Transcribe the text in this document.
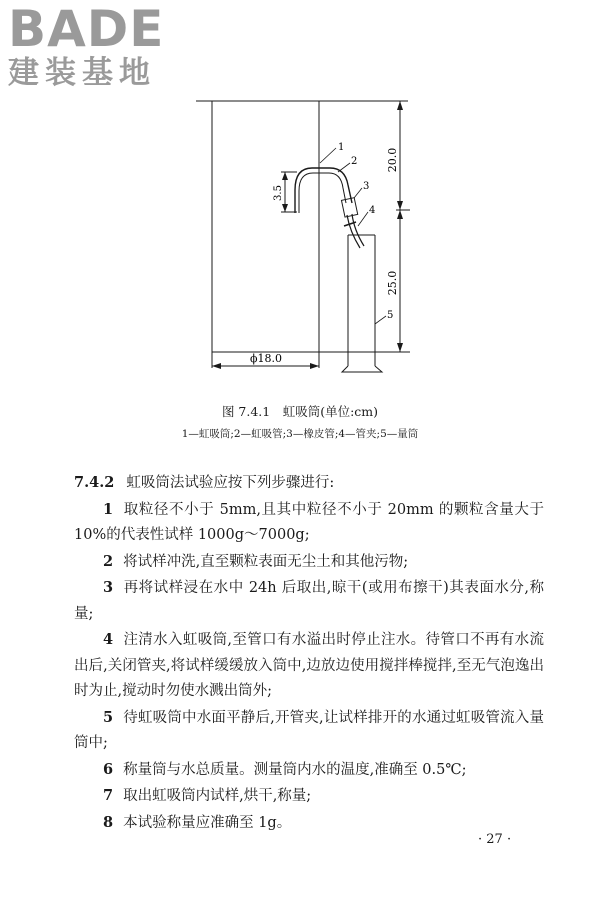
BADE
建装基地
20.0
25.0
3.5
ϕ18.0
1
2
3
4
5
图 7.4.1　虹吸筒(单位:cm)
1—虹吸筒;2—虹吸管;3—橡皮管;4—管夹;5—量筒

7.4.2 虹吸筒法试验应按下列步骤进行:

1 取粒径不小于 5mm,且其中粒径不小于 20mm 的颗粒含量大于 10%的代表性试样 1000g～7000g;

2 将试样冲洗,直至颗粒表面无尘土和其他污物;

3 再将试样浸在水中 24h 后取出,晾干(或用布擦干)其表面水分,称量;

4 注清水入虹吸筒,至管口有水溢出时停止注水。待管口不再有水流出后,关闭管夹,将试样缓缓放入筒中,边放边使用搅拌棒搅拌,至无气泡逸出时为止,搅动时勿使水溅出筒外;

5 待虹吸筒中水面平静后,开管夹,让试样排开的水通过虹吸管流入量筒中;

6 称量筒与水总质量。测量筒内水的温度,准确至 0.5℃;

7 取出虹吸筒内试样,烘干,称量;

8 本试验称量应准确至 1g。

· 27 ·
